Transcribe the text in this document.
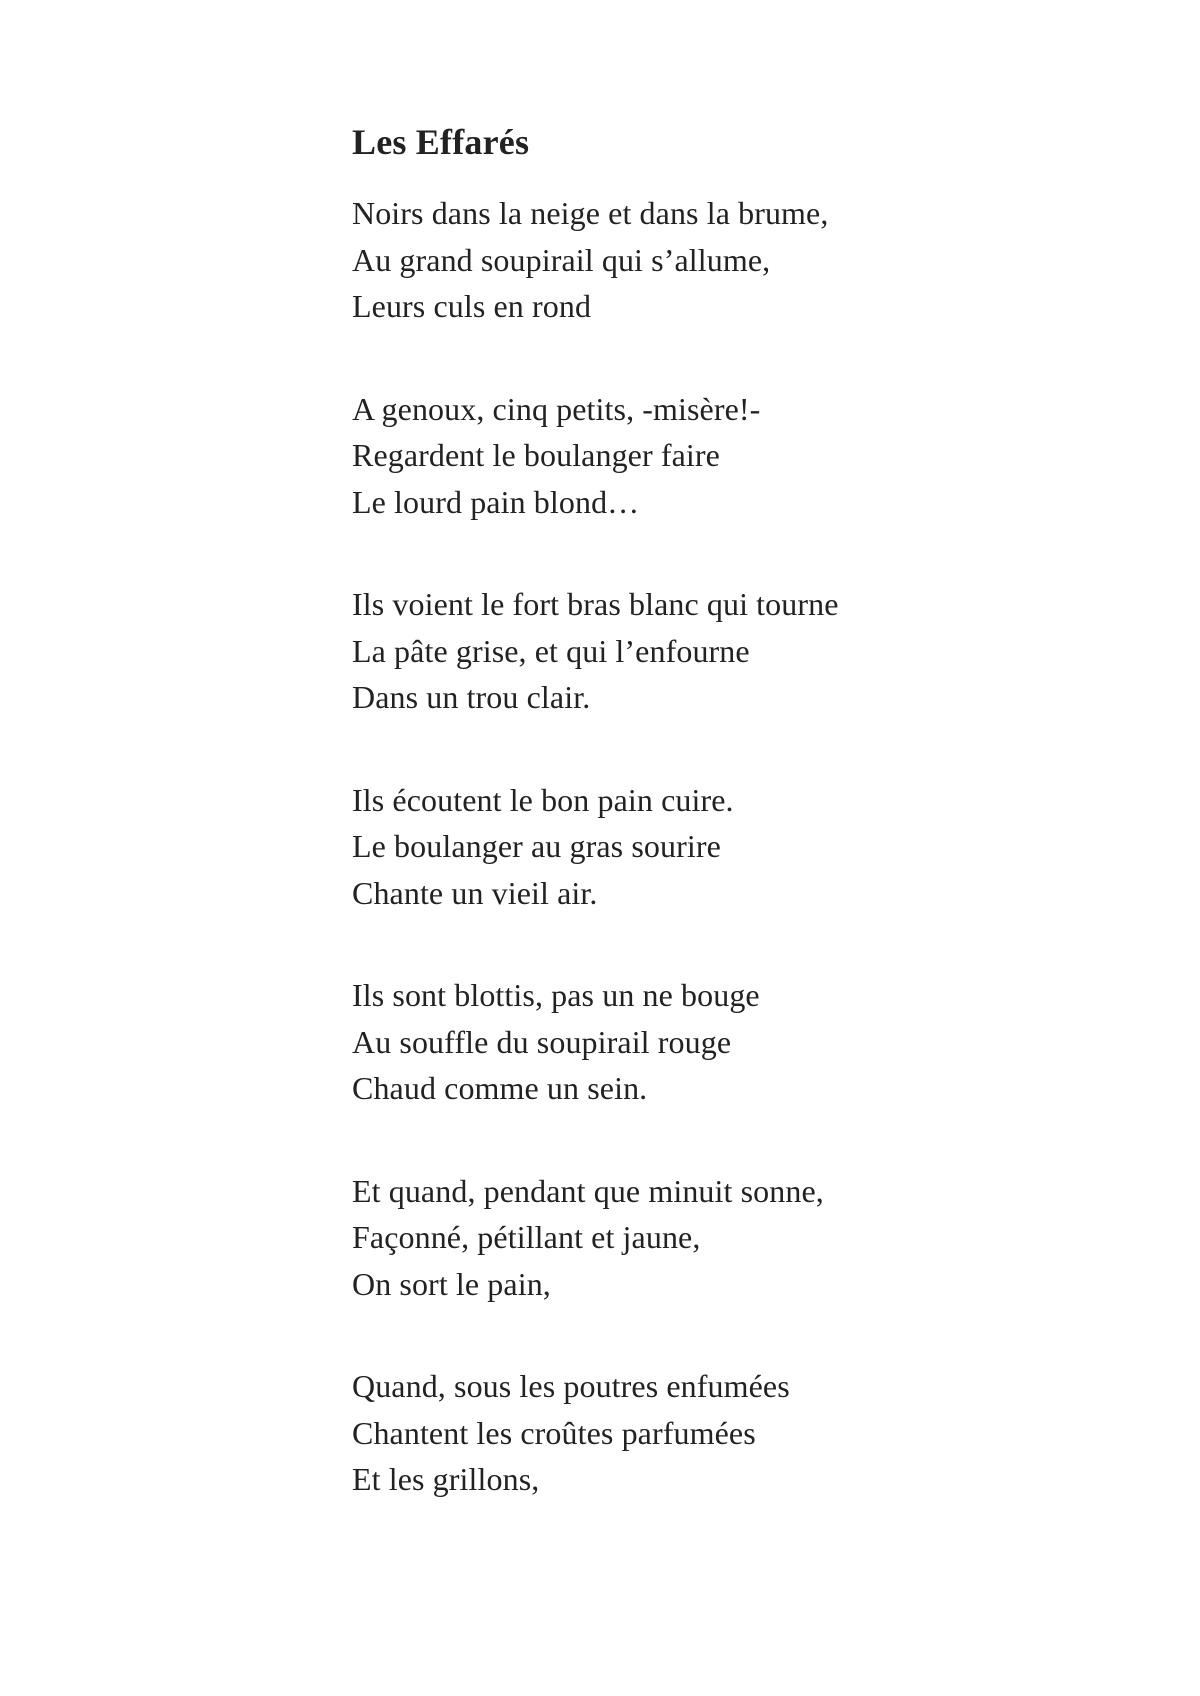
Les Effarés
Noirs dans la neige et dans la brume,
Au grand soupirail qui s’allume,
Leurs culs en rond
A genoux, cinq petits, -misère!-
Regardent le boulanger faire
Le lourd pain blond…
Ils voient le fort bras blanc qui tourne
La pâte grise, et qui l’enfourne
Dans un trou clair.
Ils écoutent le bon pain cuire.
Le boulanger au gras sourire
Chante un vieil air.
Ils sont blottis, pas un ne bouge
Au souffle du soupirail rouge
Chaud comme un sein.
Et quand, pendant que minuit sonne,
Façonné, pétillant et jaune,
On sort le pain,
Quand, sous les poutres enfumées
Chantent les croûtes parfumées
Et les grillons,
